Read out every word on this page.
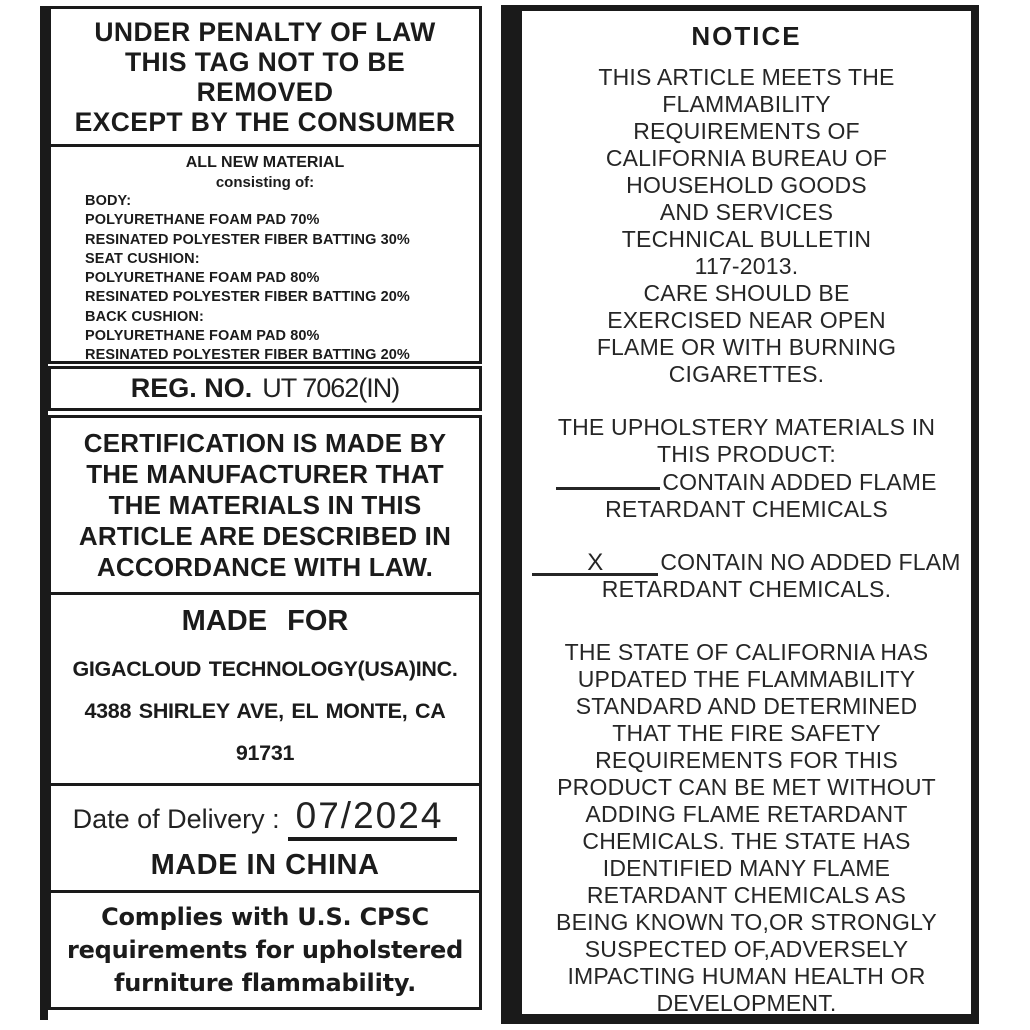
UNDER PENALTY OF LAW
THIS TAG NOT TO BE
REMOVED
EXCEPT BY THE CONSUMER
ALL NEW MATERIAL
consisting of:
BODY:
POLYURETHANE FOAM PAD 70%
RESINATED POLYESTER FIBER BATTING 30%
SEAT CUSHION:
POLYURETHANE FOAM PAD 80%
RESINATED POLYESTER FIBER BATTING 20%
BACK CUSHION:
POLYURETHANE FOAM PAD 80%
RESINATED POLYESTER FIBER BATTING 20%
REG. NO. UT 7062(IN)
CERTIFICATION IS MADE BY
THE MANUFACTURER THAT
THE MATERIALS IN THIS
ARTICLE ARE DESCRIBED IN
ACCORDANCE WITH LAW.
MADE FOR
GIGACLOUD TECHNOLOGY(USA)INC.
4388 SHIRLEY AVE, EL MONTE, CA
91731
Date of Delivery : 07/2024
MADE IN CHINA
Complies with U.S. CPSC
requirements for upholstered
furniture flammability.
NOTICE
THIS ARTICLE MEETS THE
FLAMMABILITY
REQUIREMENTS OF
CALIFORNIA BUREAU OF
HOUSEHOLD GOODS
AND SERVICES
TECHNICAL BULLETIN
117-2013.
CARE SHOULD BE
EXERCISED NEAR OPEN
FLAME OR WITH BURNING
CIGARETTES.
THE UPHOLSTERY MATERIALS IN
THIS PRODUCT:
CONTAIN ADDED FLAME
RETARDANT CHEMICALS
X CONTAIN NO ADDED FLAM
RETARDANT CHEMICALS.
THE STATE OF CALIFORNIA HAS
UPDATED THE FLAMMABILITY
STANDARD AND DETERMINED
THAT THE FIRE SAFETY
REQUIREMENTS FOR THIS
PRODUCT CAN BE MET WITHOUT
ADDING FLAME RETARDANT
CHEMICALS. THE STATE HAS
IDENTIFIED MANY FLAME
RETARDANT CHEMICALS AS
BEING KNOWN TO,OR STRONGLY
SUSPECTED OF,ADVERSELY
IMPACTING HUMAN HEALTH OR
DEVELOPMENT.
